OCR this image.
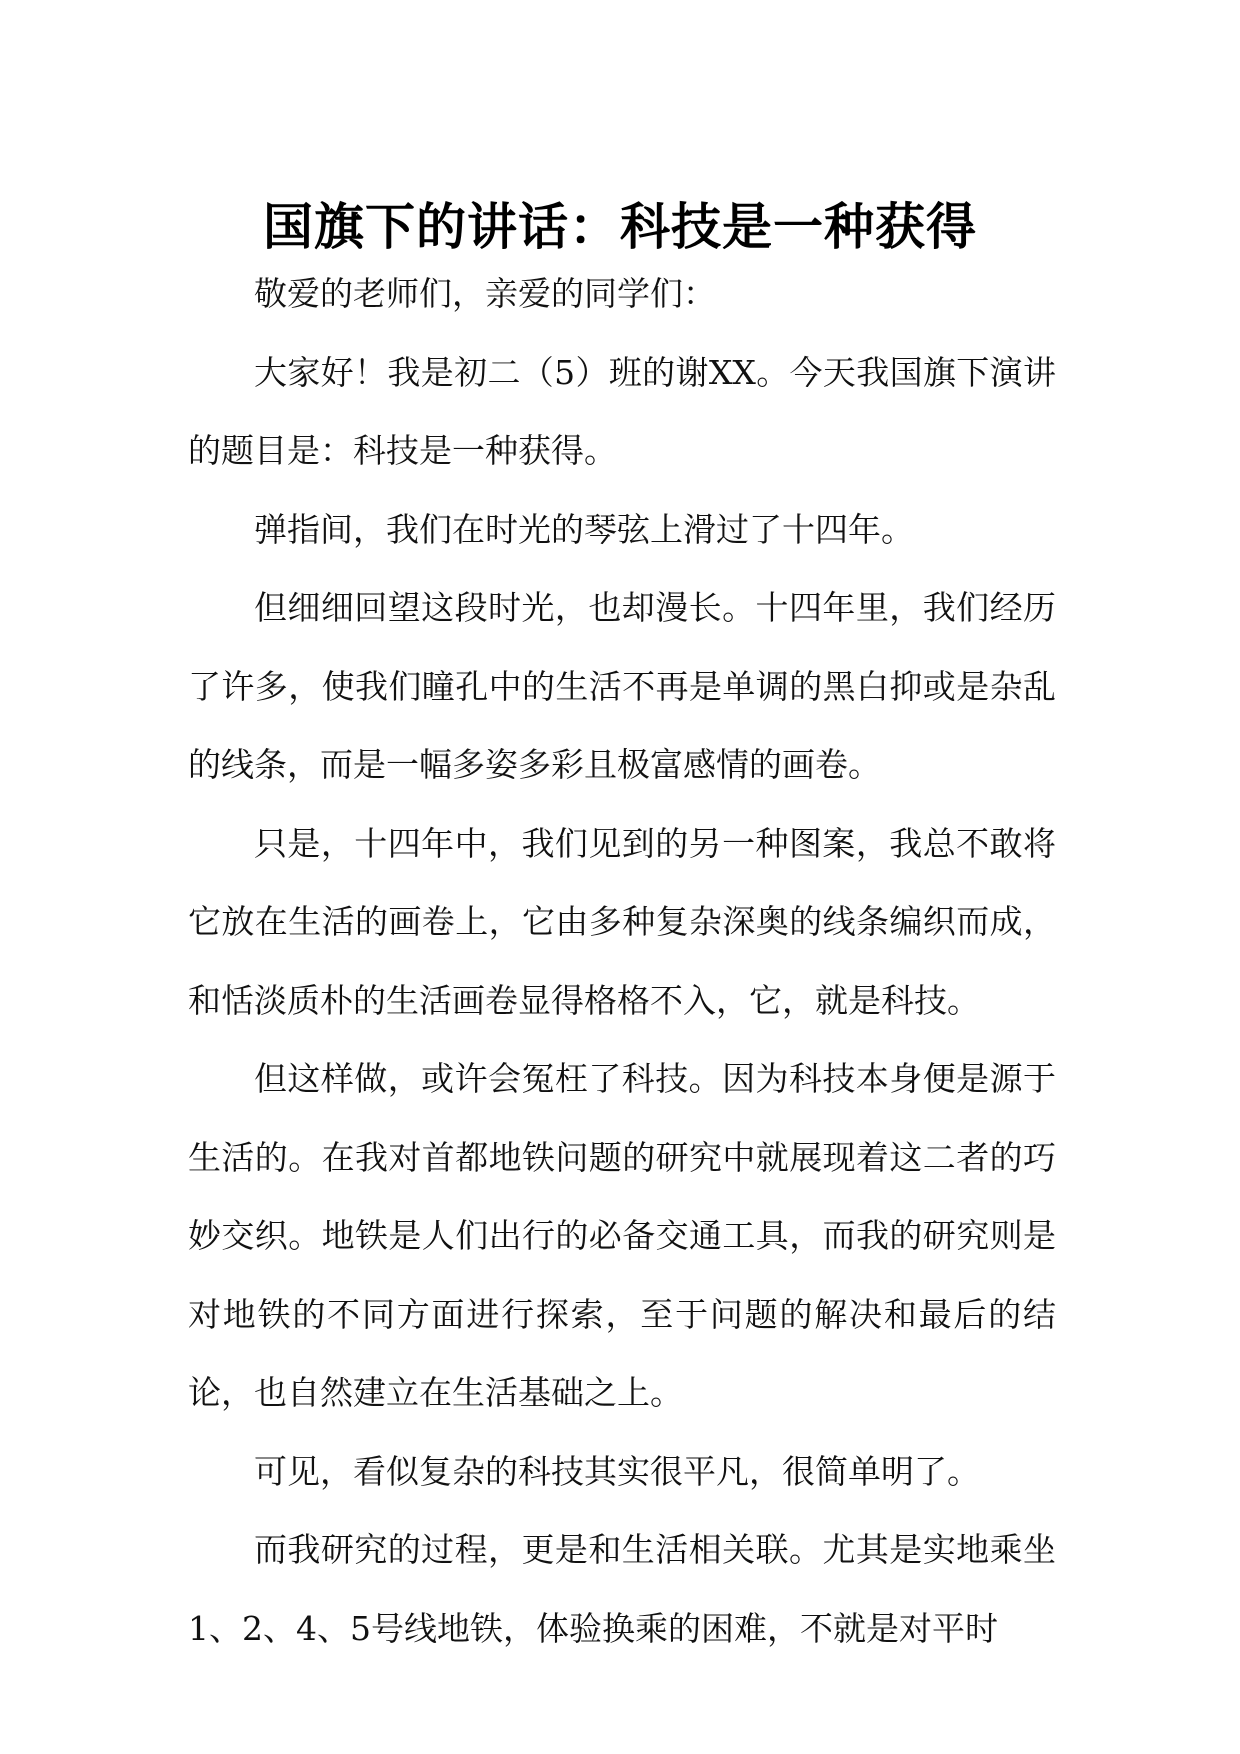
国旗下的讲话：科技是一种获得

敬爱的老师们，亲爱的同学们：

大家好！我是初二（5）班的谢XX。今天我国旗下演讲的题目是：科技是一种获得。

弹指间，我们在时光的琴弦上滑过了十四年。

但细细回望这段时光，也却漫长。十四年里，我们经历了许多，使我们瞳孔中的生活不再是单调的黑白抑或是杂乱的线条，而是一幅多姿多彩且极富感情的画卷。

只是，十四年中，我们见到的另一种图案，我总不敢将它放在生活的画卷上，它由多种复杂深奥的线条编织而成，和恬淡质朴的生活画卷显得格格不入，它，就是科技。

但这样做，或许会冤枉了科技。因为科技本身便是源于生活的。在我对首都地铁问题的研究中就展现着这二者的巧妙交织。地铁是人们出行的必备交通工具，而我的研究则是对地铁的不同方面进行探索，至于问题的解决和最后的结论，也自然建立在生活基础之上。

可见，看似复杂的科技其实很平凡，很简单明了。

而我研究的过程，更是和生活相关联。尤其是实地乘坐1、2、4、5号线地铁，体验换乘的困难，不就是对平时
